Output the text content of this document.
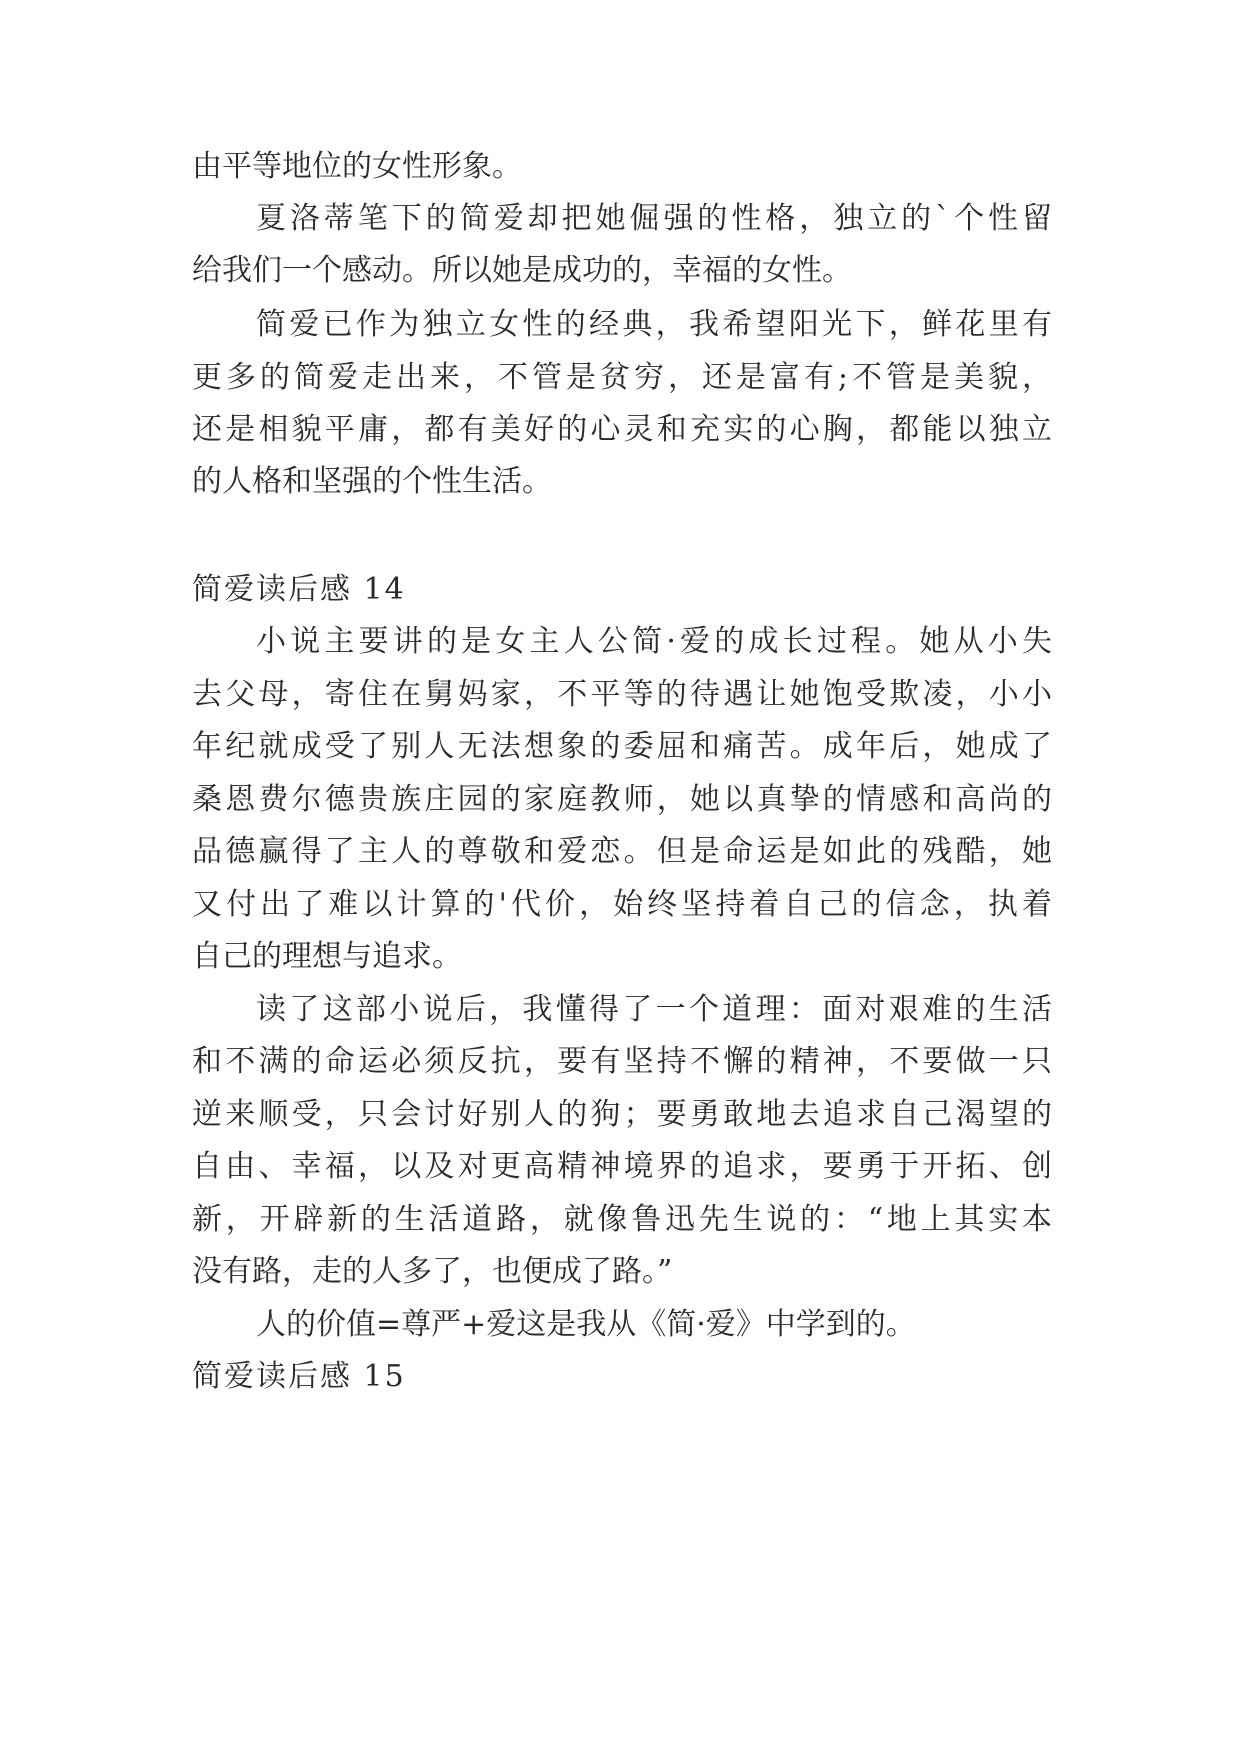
由平等地位的女性形象。
夏洛蒂笔下的简爱却把她倔强的性格，独立的`个性留
给我们一个感动。所以她是成功的，幸福的女性。
简爱已作为独立女性的经典，我希望阳光下，鲜花里有
更多的简爱走出来，不管是贫穷，还是富有;不管是美貌，
还是相貌平庸，都有美好的心灵和充实的心胸，都能以独立
的人格和坚强的个性生活。
简爱读后感 14
小说主要讲的是女主人公简·爱的成长过程。她从小失
去父母，寄住在舅妈家，不平等的待遇让她饱受欺凌，小小
年纪就成受了别人无法想象的委屈和痛苦。成年后，她成了
桑恩费尔德贵族庄园的家庭教师，她以真挚的情感和高尚的
品德赢得了主人的尊敬和爱恋。但是命运是如此的残酷，她
又付出了难以计算的'代价，始终坚持着自己的信念，执着
自己的理想与追求。
读了这部小说后，我懂得了一个道理：面对艰难的生活
和不满的命运必须反抗，要有坚持不懈的精神，不要做一只
逆来顺受，只会讨好别人的狗；要勇敢地去追求自己渴望的
自由、幸福，以及对更高精神境界的追求，要勇于开拓、创
新，开辟新的生活道路，就像鲁迅先生说的：“地上其实本
没有路，走的人多了，也便成了路。”
人的价值=尊严+爱这是我从《简·爱》中学到的。
简爱读后感 15
